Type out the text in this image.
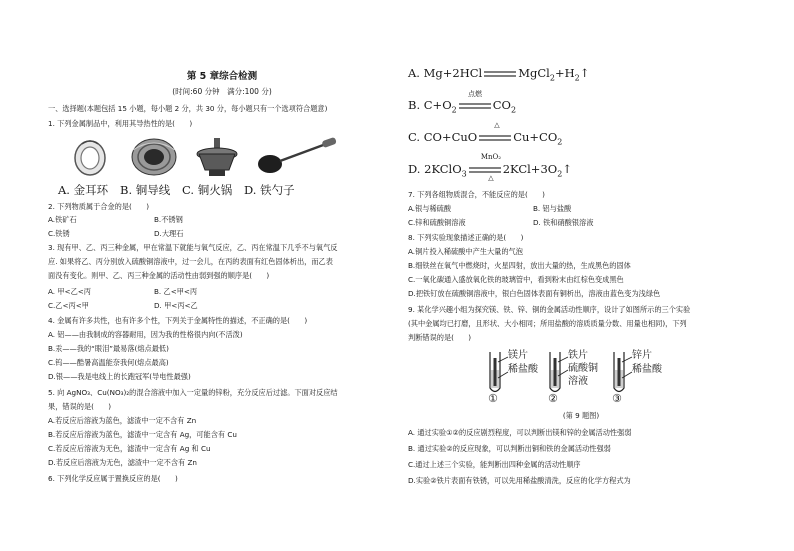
第 5 章综合检测
(时间:60 分钟　满分:100 分)
一、选择题(本题包括 15 小题，每小题 2 分，共 30 分，每小题只有一个选项符合题意)
1. 下列金属制品中，利用其导热性的是(　　)
A. 金耳环 B. 铜导线 C. 铜火锅 D. 铁勺子
2. 下列物质属于合金的是(　　)
A.铁矿石	B.不锈钢
C.铁锈	D.大理石
3. 现有甲、乙、丙三种金属，甲在常温下就能与氧气反应，乙、丙在常温下几乎不与氧气反
应. 如果将乙、丙分别放入硫酸铜溶液中，过一会儿，在丙的表面有红色固体析出，而乙表
面没有变化。则甲、乙、丙三种金属的活动性由弱到强的顺序是(　　)
A. 甲<乙<丙	B. 乙<甲<丙
C.乙<丙<甲	D. 甲<丙<乙
4. 金属有许多共性，也有许多个性，下列关于金属特性的描述，不正确的是(　　)
A. 铝——由我制成的容器耐用，因为我的性格很内向(不活泼)
B.汞——我的“眼泪”最易落(熔点最低)
C.钨——酷暑高温能奈我何(熔点最高)
D.银——我是电线上的长跑冠军(导电性最强)
5. 向 AgNO₃、Cu(NO₃)₂的混合溶液中加入一定量的锌粉，充分反应后过滤。下面对反应结
果，错误的是(　　)
A.若反应后溶液为蓝色，滤渣中一定不含有 Zn
B.若反应后溶液为蓝色，滤渣中一定含有 Ag，可能含有 Cu
C.若反应后溶液为无色，滤渣中一定含有 Ag 和 Cu
D.若反应后溶液为无色，滤渣中一定不含有 Zn
6. 下列化学反应属于置换反应的是(　　)
A. Mg+2HCl	$MgCl_2+H_2↑$
点燃
B. $C+O_2$	$CO_2$
△
C. CO+CuO	$Cu+CO_2$
MnO₂
△
D. 2KClO$_3$	$2KCl+3O_2↑$
7. 下列各组物质混合，不能反应的是(　　)
A.银与稀硫酸	B. 铝与盐酸
C.锌和硫酸铜溶液	D. 铁和硝酸银溶液
8. 下列实验现象描述正确的是(　　)
A.铜片投入稀硫酸中产生大量的气泡
B.细铁丝在氧气中燃烧时，火星四射，放出大量的热，生成黑色的固体
C.一氧化碳通入盛放氧化铁的玻璃管中，看到粉末由红棕色变成黑色
D.把铁钉放在硫酸铜溶液中，银白色固体表面有铜析出，溶液由蓝色变为浅绿色
9. 某化学兴趣小组为探究镁、铁、锌、铜的金属活动性顺序，设计了如图所示的三个实验
(其中金属均已打磨，且形状、大小相同；所用盐酸的溶质质量分数、用量也相同)，下列
判断错误的是(　　)
镁片
稀盐酸
①
铁片
硫酸铜
溶液
②
锌片
稀盐酸
③
(第 9 题图)
A. 通过实验①②的反应剧烈程度，可以判断出镁和锌的金属活动性强弱
B. 通过实验②的反应现象，可以判断出铜和铁的金属活动性强弱
C.通过上述三个实验，能判断出四种金属的活动性顺序
D.实验②铁片表面有铁锈，可以先用稀盐酸清洗，反应的化学方程式为
